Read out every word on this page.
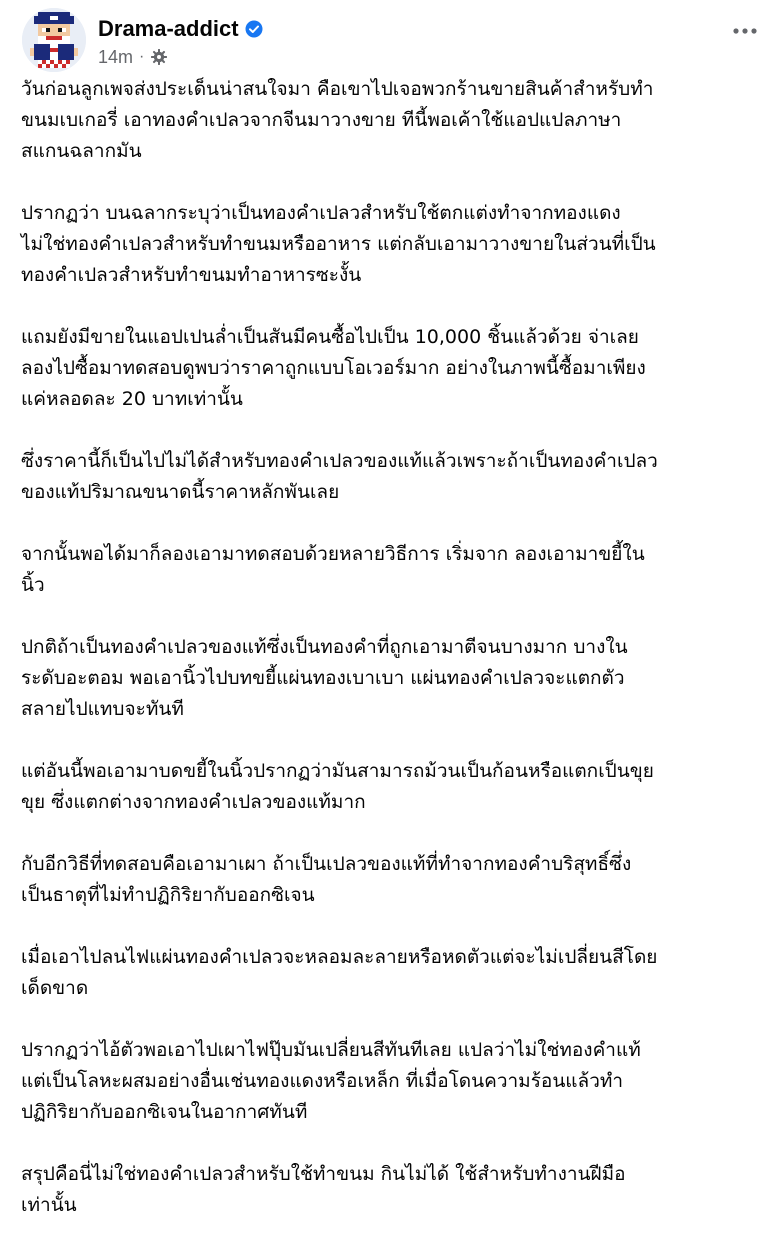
Drama-addict
14m ·

วันก่อนลูกเพจส่งประเด็นน่าสนใจมา คือเขาไปเจอพวกร้านขายสินค้าสำหรับทำ
ขนมเบเกอรี่ เอาทองคำเปลวจากจีนมาวางขาย ทีนี้พอเค้าใช้แอปแปลภาษา
สแกนฉลากมัน

ปรากฏว่า บนฉลากระบุว่าเป็นทองคำเปลวสำหรับใช้ตกแต่งทำจากทองแดง
ไม่ใช่ทองคำเปลวสำหรับทำขนมหรืออาหาร แต่กลับเอามาวางขายในส่วนที่เป็น
ทองคำเปลวสำหรับทำขนมทำอาหารซะงั้น

แถมยังมีขายในแอปเปนล่ำเป็นสันมีคนซื้อไปเป็น 10,000 ชิ้นแล้วด้วย จ่าเลย
ลองไปซื้อมาทดสอบดูพบว่าราคาถูกแบบโอเวอร์มาก อย่างในภาพนี้ซื้อมาเพียง
แค่หลอดละ 20 บาทเท่านั้น

ซึ่งราคานี้ก็เป็นไปไม่ได้สำหรับทองคำเปลวของแท้แล้วเพราะถ้าเป็นทองคำเปลว
ของแท้ปริมาณขนาดนี้ราคาหลักพันเลย

จากนั้นพอได้มาก็ลองเอามาทดสอบด้วยหลายวิธีการ เริ่มจาก ลองเอามาขยี้ใน
นิ้ว

ปกติถ้าเป็นทองคำเปลวของแท้ซึ่งเป็นทองคำที่ถูกเอามาตีจนบางมาก บางใน
ระดับอะตอม พอเอานิ้วไปบทขยี้แผ่นทองเบาเบา แผ่นทองคำเปลวจะแตกตัว
สลายไปแทบจะทันที

แต่อันนี้พอเอามาบดขยี้ในนิ้วปรากฏว่ามันสามารถม้วนเป็นก้อนหรือแตกเป็นขุย
ขุย ซึ่งแตกต่างจากทองคำเปลวของแท้มาก

กับอีกวิธีที่ทดสอบคือเอามาเผา ถ้าเป็นเปลวของแท้ที่ทำจากทองคำบริสุทธิ์ซึ่ง
เป็นธาตุที่ไม่ทำปฏิกิริยากับออกซิเจน

เมื่อเอาไปลนไฟแผ่นทองคำเปลวจะหลอมละลายหรือหดตัวแต่จะไม่เปลี่ยนสีโดย
เด็ดขาด

ปรากฏว่าไอ้ตัวพอเอาไปเผาไฟปุ๊บมันเปลี่ยนสีทันทีเลย แปลว่าไม่ใช่ทองคำแท้
แต่เป็นโลหะผสมอย่างอื่นเช่นทองแดงหรือเหล็ก ที่เมื่อโดนความร้อนแล้วทำ
ปฏิกิริยากับออกซิเจนในอากาศทันที

สรุปคือนี่ไม่ใช่ทองคำเปลวสำหรับใช้ทำขนม กินไม่ได้ ใช้สำหรับทำงานฝีมือ
เท่านั้น
